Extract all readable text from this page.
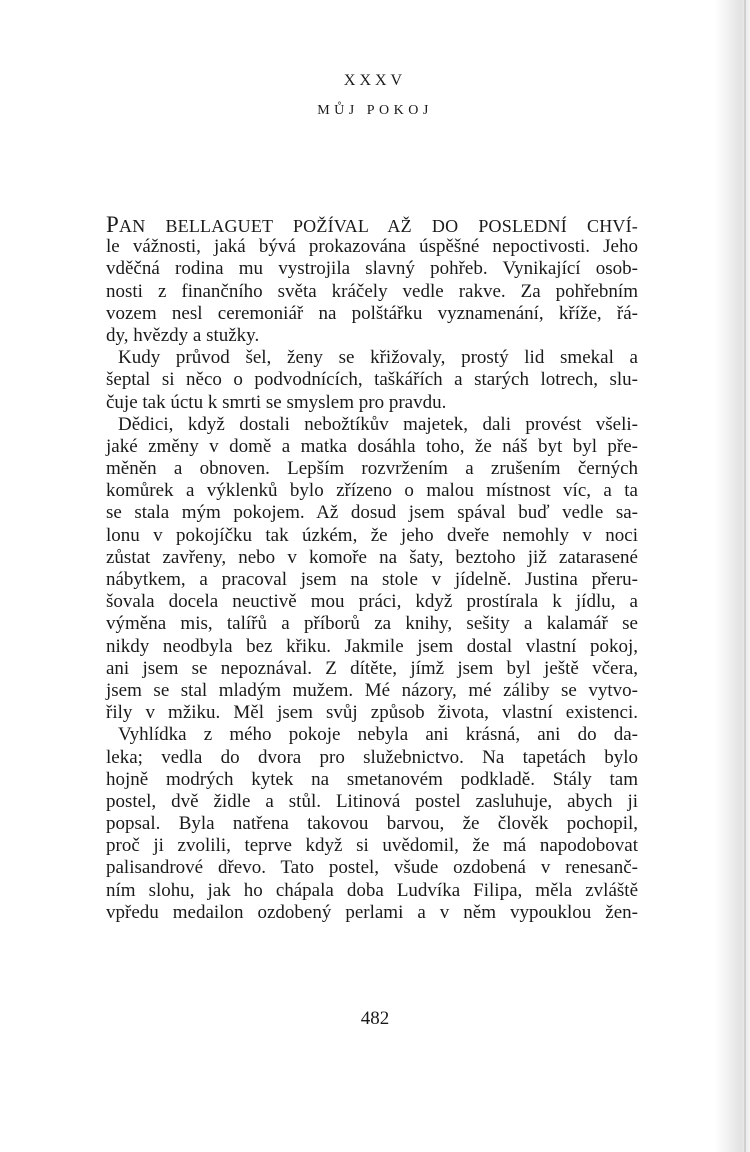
XXXV
MŮJ POKOJ
PAN BELLAGUET POŽÍVAL AŽ DO POSLEDNÍ CHVÍ-
le vážnosti, jaká bývá prokazována úspěšné nepoctivosti. Jeho
vděčná rodina mu vystrojila slavný pohřeb. Vynikající osob-
nosti z finančního světa kráčely vedle rakve. Za pohřebním
vozem nesl ceremoniář na polštářku vyznamenání, kříže, řá-
dy, hvězdy a stužky.
Kudy průvod šel, ženy se křižovaly, prostý lid smekal a
šeptal si něco o podvodnících, taškářích a starých lotrech, slu-
čuje tak úctu k smrti se smyslem pro pravdu.
Dědici, když dostali nebožtíkův majetek, dali provést všeli-
jaké změny v domě a matka dosáhla toho, že náš byt byl pře-
měněn a obnoven. Lepším rozvržením a zrušením černých
komůrek a výklenků bylo zřízeno o malou místnost víc, a ta
se stala mým pokojem. Až dosud jsem spával buď vedle sa-
lonu v pokojíčku tak úzkém, že jeho dveře nemohly v noci
zůstat zavřeny, nebo v komoře na šaty, beztoho již zatarasené
nábytkem, a pracoval jsem na stole v jídelně. Justina přeru-
šovala docela neuctivě mou práci, když prostírala k jídlu, a
výměna mis, talířů a příborů za knihy, sešity a kalamář se
nikdy neodbyla bez křiku. Jakmile jsem dostal vlastní pokoj,
ani jsem se nepoznával. Z dítěte, jímž jsem byl ještě včera,
jsem se stal mladým mužem. Mé názory, mé záliby se vytvo-
řily v mžiku. Měl jsem svůj způsob života, vlastní existenci.
Vyhlídka z mého pokoje nebyla ani krásná, ani do da-
leka; vedla do dvora pro služebnictvo. Na tapetách bylo
hojně modrých kytek na smetanovém podkladě. Stály tam
postel, dvě židle a stůl. Litinová postel zasluhuje, abych ji
popsal. Byla natřena takovou barvou, že člověk pochopil,
proč ji zvolili, teprve když si uvědomil, že má napodobovat
palisandrové dřevo. Tato postel, všude ozdobená v renesanč-
ním slohu, jak ho chápala doba Ludvíka Filipa, měla zvláště
vpředu medailon ozdobený perlami a v něm vypouklou žen-
482
